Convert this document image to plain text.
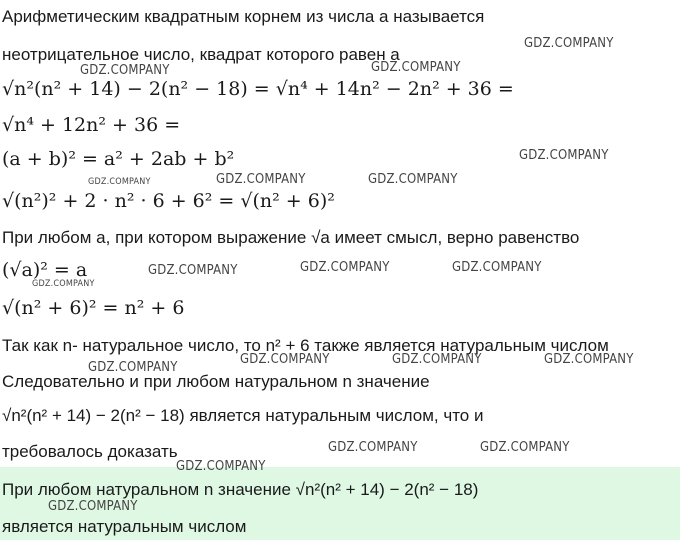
Арифметическим квадратным корнем из числа a называется
неотрицательное число, квадрат которого равен a
√n²(n² + 14) − 2(n² − 18) = √n⁴ + 14n² − 2n² + 36 =
√n⁴ + 12n² + 36 =
(a + b)² = a² + 2ab + b²
√(n²)² + 2 · n² · 6 + 6² = √(n² + 6)²
При любом a, при котором выражение √a имеет смысл, верно равенство
(√a)² = a
√(n² + 6)² = n² + 6
Так как n- натуральное число, то n² + 6 также является натуральным числом
Следовательно и при любом натуральном n значение
√n²(n² + 14) − 2(n² − 18) является натуральным числом, что и
требовалось доказать
При любом натуральном n значение √n²(n² + 14) − 2(n² − 18)
является натуральным числом
GDZ.COMPANY
GDZ.COMPANY	GDZ.COMPANY
GDZ.COMPANY
GDZ.COMPANY	GDZ.COMPANY	GDZ.COMPANY
GDZ.COMPANY	GDZ.COMPANY	GDZ.COMPANY
GDZ.COMPANY
GDZ.COMPANY	GDZ.COMPANY	GDZ.COMPANY
GDZ.COMPANY
GDZ.COMPANY	GDZ.COMPANY
GDZ.COMPANY
GDZ.COMPANY
